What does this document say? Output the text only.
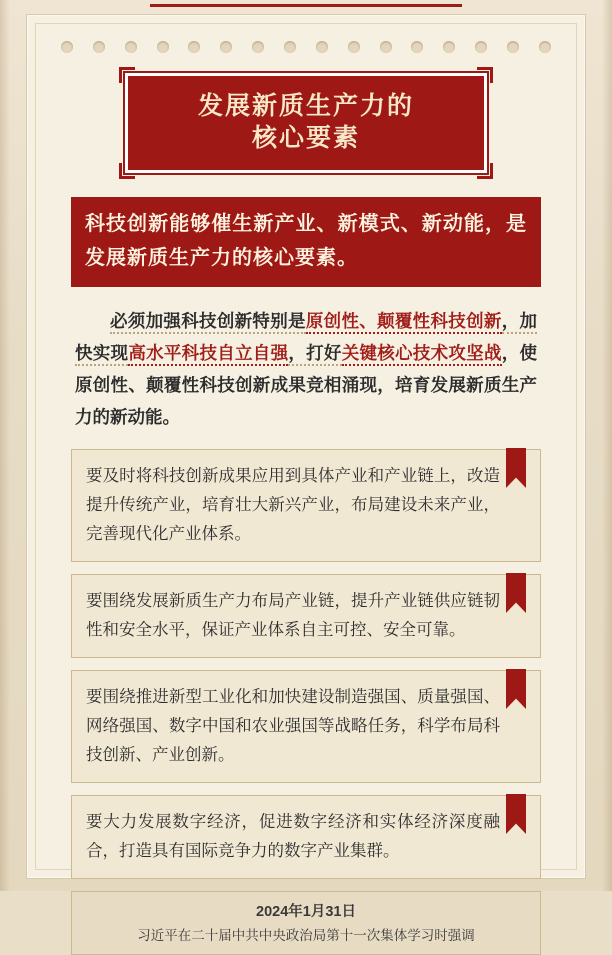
发展新质生产力的
核心要素
科技创新能够催生新产业、新模式、新动能，是发展新质生产力的核心要素。

必须加强科技创新特别是原创性、颠覆性科技创新，加快实现高水平科技自立自强，打好关键核心技术攻坚战，使原创性、颠覆性科技创新成果竞相涌现，培育发展新质生产力的新动能。

要及时将科技创新成果应用到具体产业和产业链上，改造提升传统产业，培育壮大新兴产业，布局建设未来产业，完善现代化产业体系。
要围绕发展新质生产力布局产业链，提升产业链供应链韧性和安全水平，保证产业体系自主可控、安全可靠。
要围绕推进新型工业化和加快建设制造强国、质量强国、网络强国、数字中国和农业强国等战略任务，科学布局科技创新、产业创新。
要大力发展数字经济，促进数字经济和实体经济深度融合，打造具有国际竞争力的数字产业集群。
2024年1月31日
习近平在二十届中共中央政治局第十一次集体学习时强调
